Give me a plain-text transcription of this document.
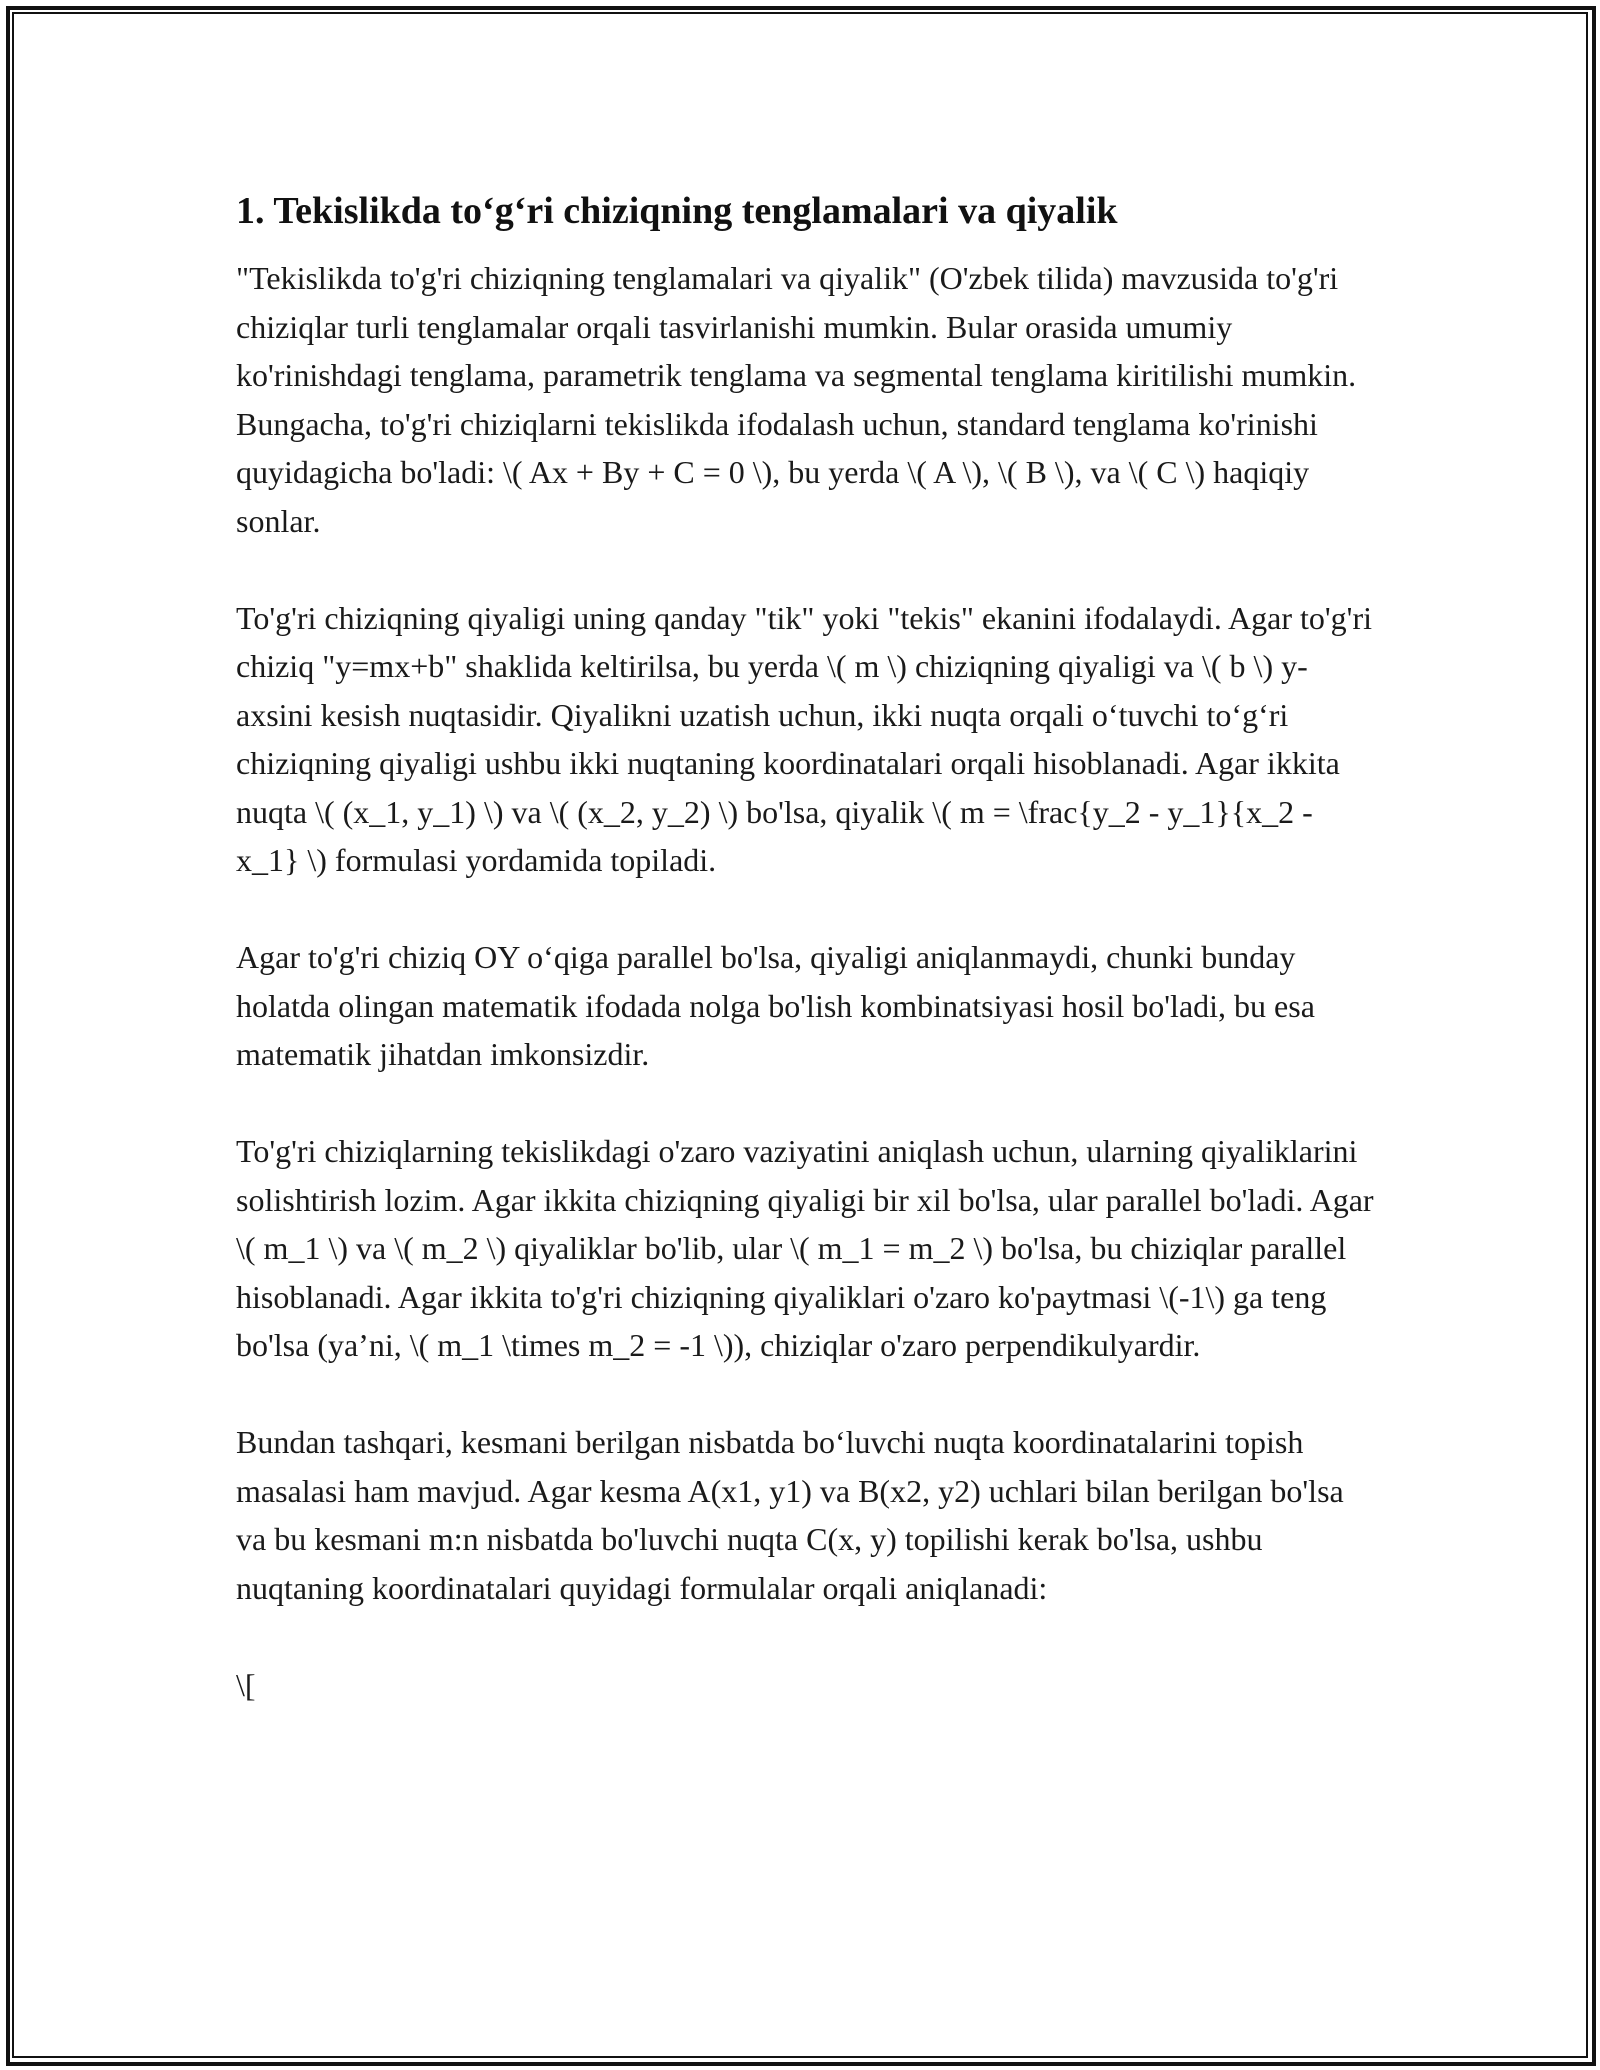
1. Tekislikda to‘g‘ri chiziqning tenglamalari va qiyalik

"Tekislikda to'g'ri chiziqning tenglamalari va qiyalik" (O'zbek tilida) mavzusida to'g'ri chiziqlar turli tenglamalar orqali tasvirlanishi mumkin. Bular orasida umumiy ko'rinishdagi tenglama, parametrik tenglama va segmental tenglama kiritilishi mumkin. Bungacha, to'g'ri chiziqlarni tekislikda ifodalash uchun, standard tenglama ko'rinishi quyidagicha bo'ladi: \( Ax + By + C = 0 \), bu yerda \( A \), \( B \), va \( C \) haqiqiy sonlar.

To'g'ri chiziqning qiyaligi uning qanday "tik" yoki "tekis" ekanini ifodalaydi. Agar to'g'ri chiziq "y=mx+b" shaklida keltirilsa, bu yerda \( m \) chiziqning qiyaligi va \( b \) y-axsini kesish nuqtasidir. Qiyalikni uzatish uchun, ikki nuqta orqali o‘tuvchi to‘g‘ri chiziqning qiyaligi ushbu ikki nuqtaning koordinatalari orqali hisoblanadi. Agar ikkita nuqta \( (x_1, y_1) \) va \( (x_2, y_2) \) bo'lsa, qiyalik \( m = \frac{y_2 - y_1}{x_2 - x_1} \) formulasi yordamida topiladi.

Agar to'g'ri chiziq OY o‘qiga parallel bo'lsa, qiyaligi aniqlanmaydi, chunki bunday holatda olingan matematik ifodada nolga bo'lish kombinatsiyasi hosil bo'ladi, bu esa matematik jihatdan imkonsizdir.

To'g'ri chiziqlarning tekislikdagi o'zaro vaziyatini aniqlash uchun, ularning qiyaliklarini solishtirish lozim. Agar ikkita chiziqning qiyaligi bir xil bo'lsa, ular parallel bo'ladi. Agar \( m_1 \) va \( m_2 \) qiyaliklar bo'lib, ular \( m_1 = m_2 \) bo'lsa, bu chiziqlar parallel hisoblanadi. Agar ikkita to'g'ri chiziqning qiyaliklari o'zaro ko'paytmasi \(-1\) ga teng bo'lsa (ya’ni, \( m_1 \times m_2 = -1 \)), chiziqlar o'zaro perpendikulyardir.

Bundan tashqari, kesmani berilgan nisbatda bo‘luvchi nuqta koordinatalarini topish masalasi ham mavjud. Agar kesma A(x1, y1) va B(x2, y2) uchlari bilan berilgan bo'lsa va bu kesmani m:n nisbatda bo'luvchi nuqta C(x, y) topilishi kerak bo'lsa, ushbu nuqtaning koordinatalari quyidagi formulalar orqali aniqlanadi:

\[
